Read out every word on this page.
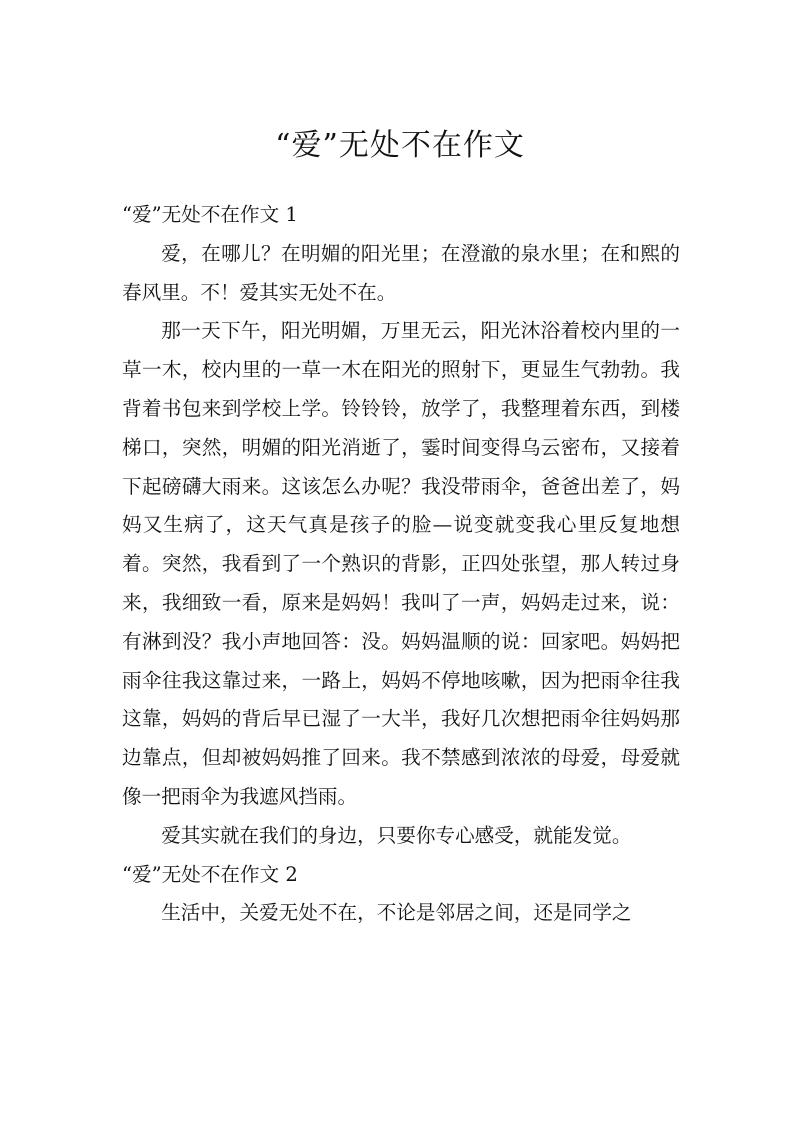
“爱”无处不在作文

“爱”无处不在作文 1

爱，在哪儿？在明媚的阳光里；在澄澈的泉水里；在和熙的春风里。不！爱其实无处不在。

那一天下午，阳光明媚，万里无云，阳光沐浴着校内里的一草一木，校内里的一草一木在阳光的照射下，更显生气勃勃。我背着书包来到学校上学。铃铃铃，放学了，我整理着东西，到楼梯口，突然，明媚的阳光消逝了，霎时间变得乌云密布，又接着下起磅礴大雨来。这该怎么办呢？我没带雨伞，爸爸出差了，妈妈又生病了，这天气真是孩子的脸—说变就变我心里反复地想着。突然，我看到了一个熟识的背影，正四处张望，那人转过身来，我细致一看，原来是妈妈！我叫了一声，妈妈走过来，说：有淋到没？我小声地回答：没。妈妈温顺的说：回家吧。妈妈把雨伞往我这靠过来，一路上，妈妈不停地咳嗽，因为把雨伞往我这靠，妈妈的背后早已湿了一大半，我好几次想把雨伞往妈妈那边靠点，但却被妈妈推了回来。我不禁感到浓浓的母爱，母爱就像一把雨伞为我遮风挡雨。

爱其实就在我们的身边，只要你专心感受，就能发觉。

“爱”无处不在作文 2

生活中，关爱无处不在，不论是邻居之间，还是同学之
